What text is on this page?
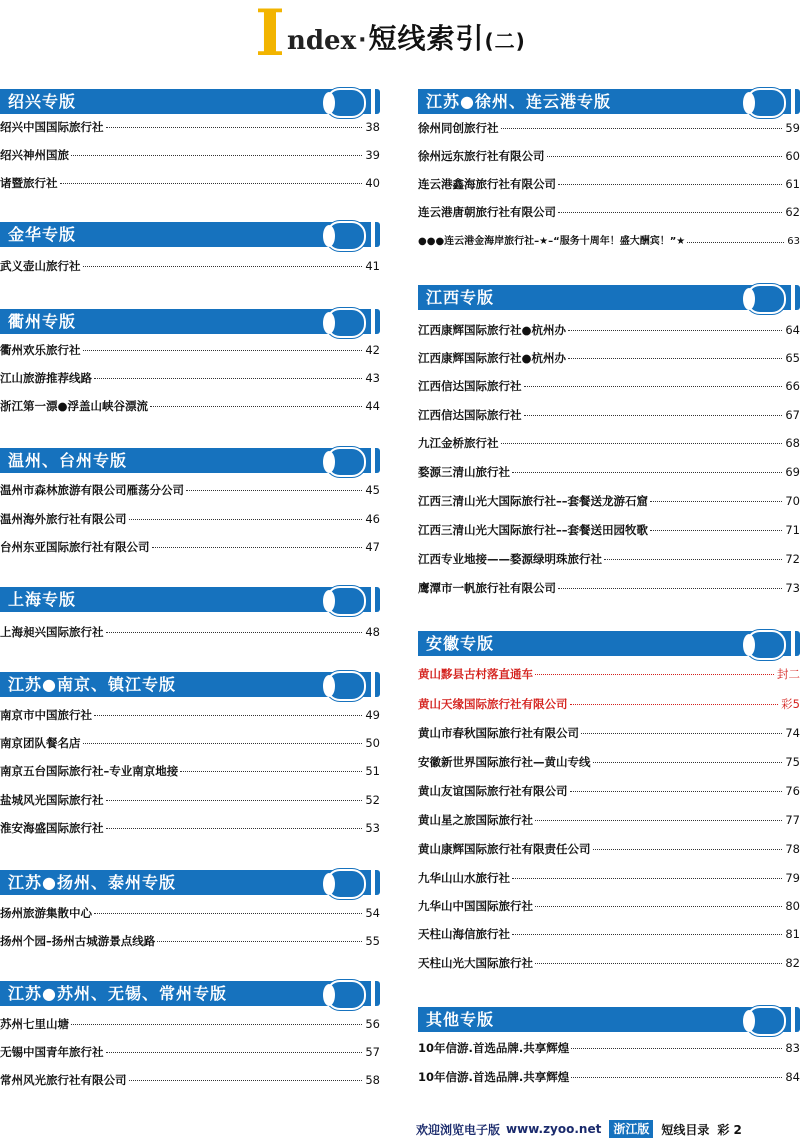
I ndex · 短线索引(二)
绍兴专版
绍兴中国国际旅行社	38
绍兴神州国旅	39
诸暨旅行社	40
金华专版
武义壶山旅行社	41
衢州专版
衢州欢乐旅行社	42
江山旅游推荐线路	43
浙江第一漂●浮盖山峡谷漂流	44
温州、台州专版
温州市森林旅游有限公司雁荡分公司	45
温州海外旅行社有限公司	46
台州东亚国际旅行社有限公司	47
上海专版
上海昶兴国际旅行社	48
江苏●南京、镇江专版
南京市中国旅行社	49
南京团队餐名店	50
南京五台国际旅行社–专业南京地接	51
盐城风光国际旅行社	52
淮安海盛国际旅行社	53
江苏●扬州、泰州专版
扬州旅游集散中心	54
扬州个园–扬州古城游景点线路	55
江苏●苏州、无锡、常州专版
苏州七里山塘	56
无锡中国青年旅行社	57
常州风光旅行社有限公司	58
江苏●徐州、连云港专版
徐州同创旅行社	59
徐州远东旅行社有限公司	60
连云港鑫海旅行社有限公司	61
连云港唐朝旅行社有限公司	62
●●●连云港金海岸旅行社–★–“服务十周年！盛大酬宾！”★	63
江西专版
江西康辉国际旅行社●杭州办	64
江西康辉国际旅行社●杭州办	65
江西信达国际旅行社	66
江西信达国际旅行社	67
九江金桥旅行社	68
婺源三清山旅行社	69
江西三清山光大国际旅行社––套餐送龙游石窟	70
江西三清山光大国际旅行社––套餐送田园牧歌	71
江西专业地接——婺源绿明珠旅行社	72
鹰潭市一帆旅行社有限公司	73
安徽专版
黄山黟县古村落直通车	封二
黄山天缘国际旅行社有限公司	彩5
黄山市春秋国际旅行社有限公司	74
安徽新世界国际旅行社—黄山专线	75
黄山友谊国际旅行社有限公司	76
黄山星之旅国际旅行社	77
黄山康辉国际旅行社有限责任公司	78
九华山山水旅行社	79
九华山中国国际旅行社	80
天柱山海信旅行社	81
天柱山光大国际旅行社	82
其他专版
10年信游.首选品牌.共享辉煌	83
10年信游.首选品牌.共享辉煌	84
欢迎浏览电子版 www.zyoo.net	浙江版	短线目录 彩 2
